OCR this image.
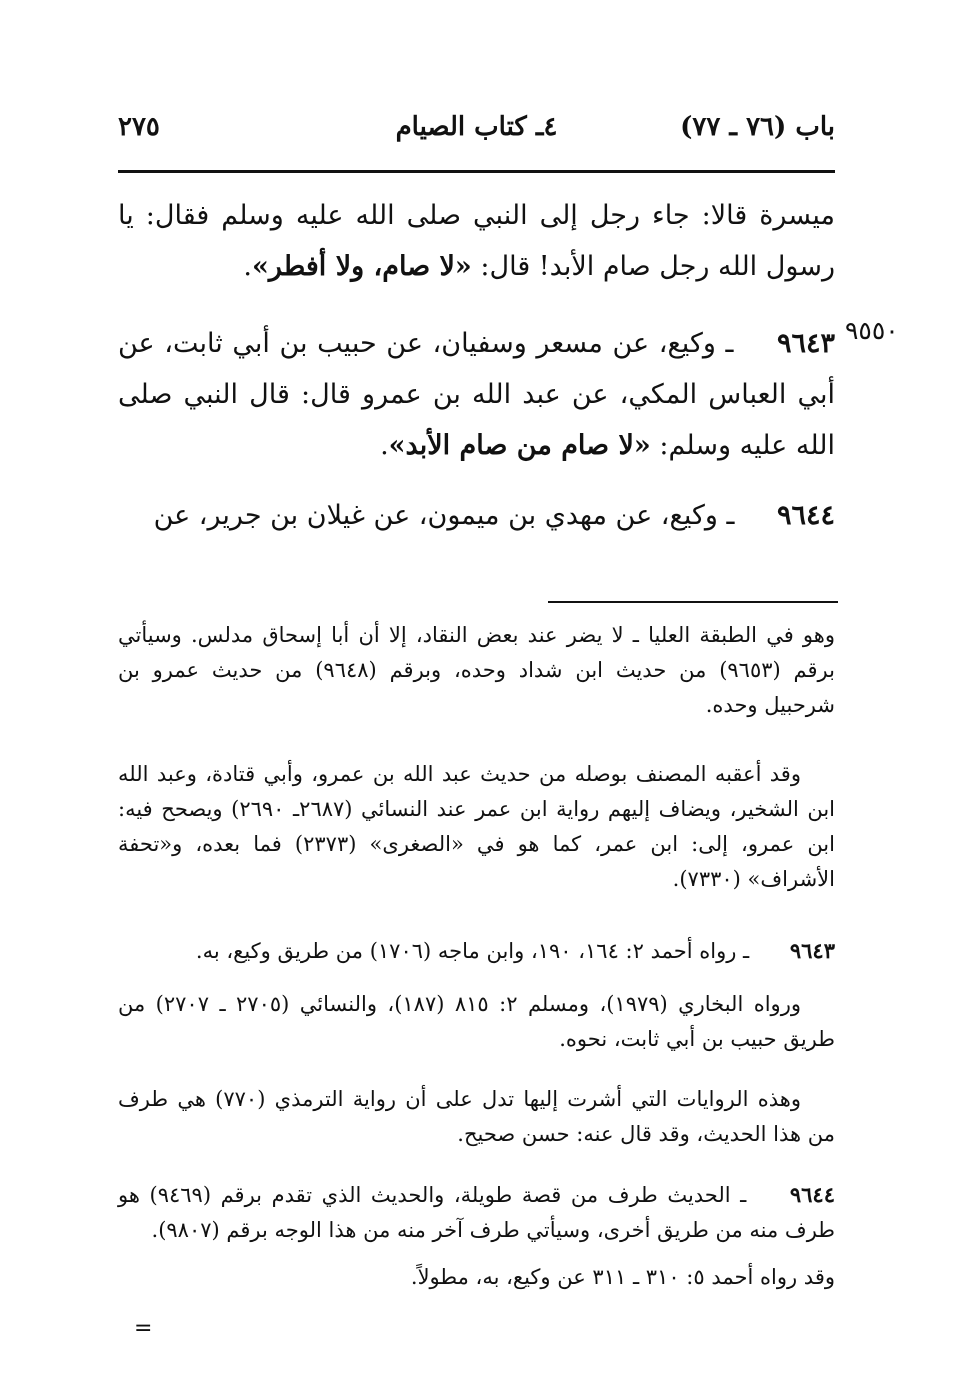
باب (٧٦ ـ ٧٧)
٤ـ كتاب الصيام
٢٧٥
ميسرة قالا: جاء رجل إلى النبي صلى الله عليه وسلم فقال: يا رسول الله رجل صام الأبد! قال: «لا صام، ولا أفطر».
٩٥٥٠
٩٦٤٣ ـ وكيع، عن مسعر وسفيان، عن حبيب بن أبي ثابت، عن أبي العباس المكي، عن عبد الله بن عمرو قال: قال النبي صلى الله عليه وسلم: «لا صام من صام الأبد».
٩٦٤٤ ـ وكيع، عن مهدي بن ميمون، عن غيلان بن جرير، عن
وهو في الطبقة العليا ـ لا يضر عند بعض النقاد، إلا أن أبا إسحاق مدلس. وسيأتي برقم (٩٦٥٣) من حديث ابن شداد وحده، وبرقم (٩٦٤٨) من حديث عمرو بن شرحبيل وحده.
وقد أعقبه المصنف بوصله من حديث عبد الله بن عمرو، وأبي قتادة، وعبد الله ابن الشخير، ويضاف إليهم رواية ابن عمر عند النسائي (٢٦٨٧ـ ٢٦٩٠) ويصحح فيه: ابن عمرو، إلى: ابن عمر، كما هو في «الصغرى» (٢٣٧٣) فما بعده، و«تحفة الأشراف» (٧٣٣٠).
٩٦٤٣ ـ رواه أحمد ٢: ١٦٤، ١٩٠، وابن ماجه (١٧٠٦) من طريق وكيع، به.
ورواه البخاري (١٩٧٩)، ومسلم ٢: ٨١٥ (١٨٧)، والنسائي (٢٧٠٥ ـ ٢٧٠٧) من طريق حبيب بن أبي ثابت، نحوه.
وهذه الروايات التي أشرت إليها تدل على أن رواية الترمذي (٧٧٠) هي طرف من هذا الحديث، وقد قال عنه: حسن صحيح.
٩٦٤٤ ـ الحديث طرف من قصة طويلة، والحديث الذي تقدم برقم (٩٤٦٩) هو طرف منه من طريق أخرى، وسيأتي طرف آخر منه من هذا الوجه برقم (٩٨٠٧).
وقد رواه أحمد ٥: ٣١٠ ـ ٣١١ عن وكيع، به، مطولاً.
=
